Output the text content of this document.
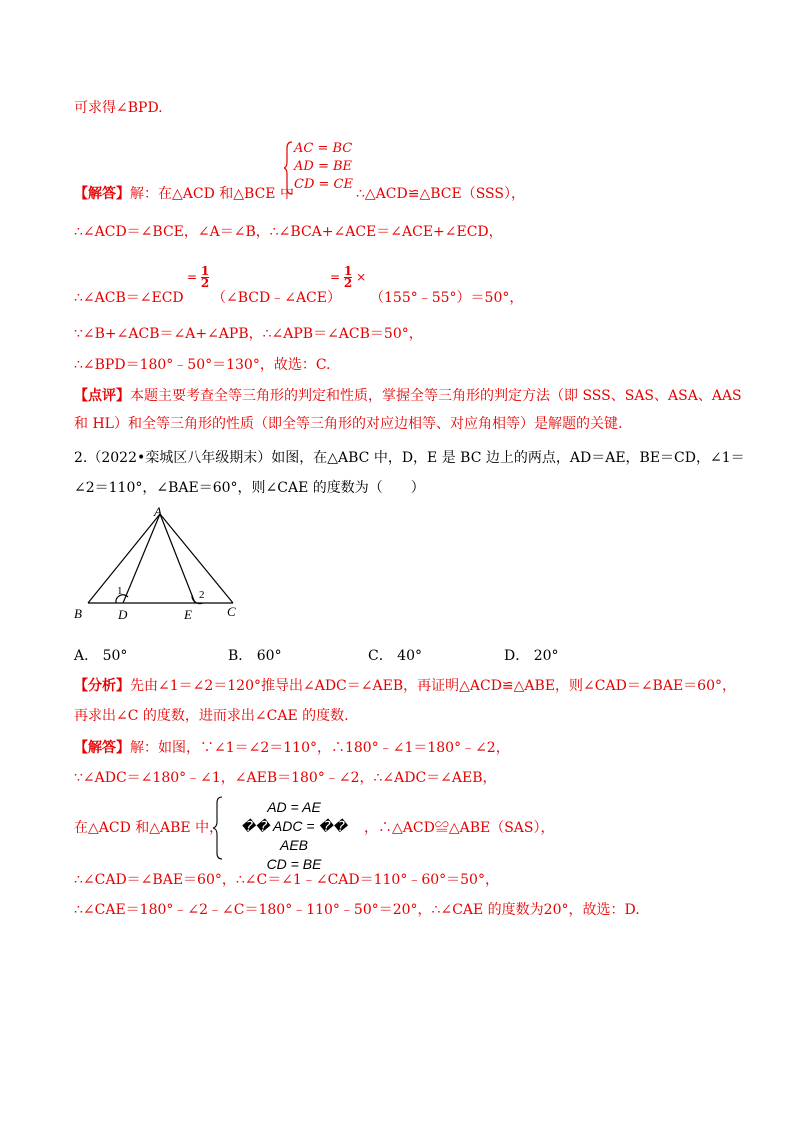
可求得∠BPD.
AC = BC
AD = BE
CD = CE
【解答】解：在△ACD 和△BCE 中	∴△ACD≌△BCE（SSS），
∴∠ACD＝∠BCE，∠A＝∠B，∴∠BCA+∠ACE＝∠ACE+∠ECD，
= $\frac{1}{2}$	= $\frac{1}{2}$ ×
∴∠ACB＝∠ECD （∠BCD﹣∠ACE） （155°﹣55°）＝50°，
∵∠B+∠ACB＝∠A+∠APB，∴∠APB＝∠ACB＝50°，
∴∠BPD＝180°﹣50°＝130°，故选：C.
【点评】本题主要考查全等三角形的判定和性质，掌握全等三角形的判定方法（即 SSS、SAS、ASA、AAS
和 HL）和全等三角形的性质（即全等三角形的对应边相等、对应角相等）是解题的关键.
2.（2022•栾城区八年级期末）如图，在△ABC 中，D，E 是 BC 边上的两点，AD＝AE，BE＝CD，∠1＝
∠2＝110°，∠BAE＝60°，则∠CAE 的度数为（　　）
A
B	C
D	E
1	2
A． 50°	B． 60°	C． 40°	D． 20°
【分析】先由∠1＝∠2＝120°推导出∠ADC＝∠AEB，再证明△ACD≌△ABE，则∠CAD＝∠BAE＝60°，
再求出∠C 的度数，进而求出∠CAE 的度数.
【解答】解：如图，∵∠1＝∠2＝110°，∴180°﹣∠1＝180°﹣∠2，
∵∠ADC＝∠180°﹣∠1，∠AEB＝180°﹣∠2，∴∠ADC＝∠AEB，
在△ACD 和△ABE 中，
AD = AE
�� ADC = �� AEB
CD = BE
，∴△ACD≌△ABE（SAS），
∴∠CAD＝∠BAE＝60°，∴∠C＝∠1﹣∠CAD＝110°﹣60°＝50°，
∴∠CAE＝180°﹣∠2﹣∠C＝180°﹣110°﹣50°＝20°，∴∠CAE 的度数为20°，故选：D.
